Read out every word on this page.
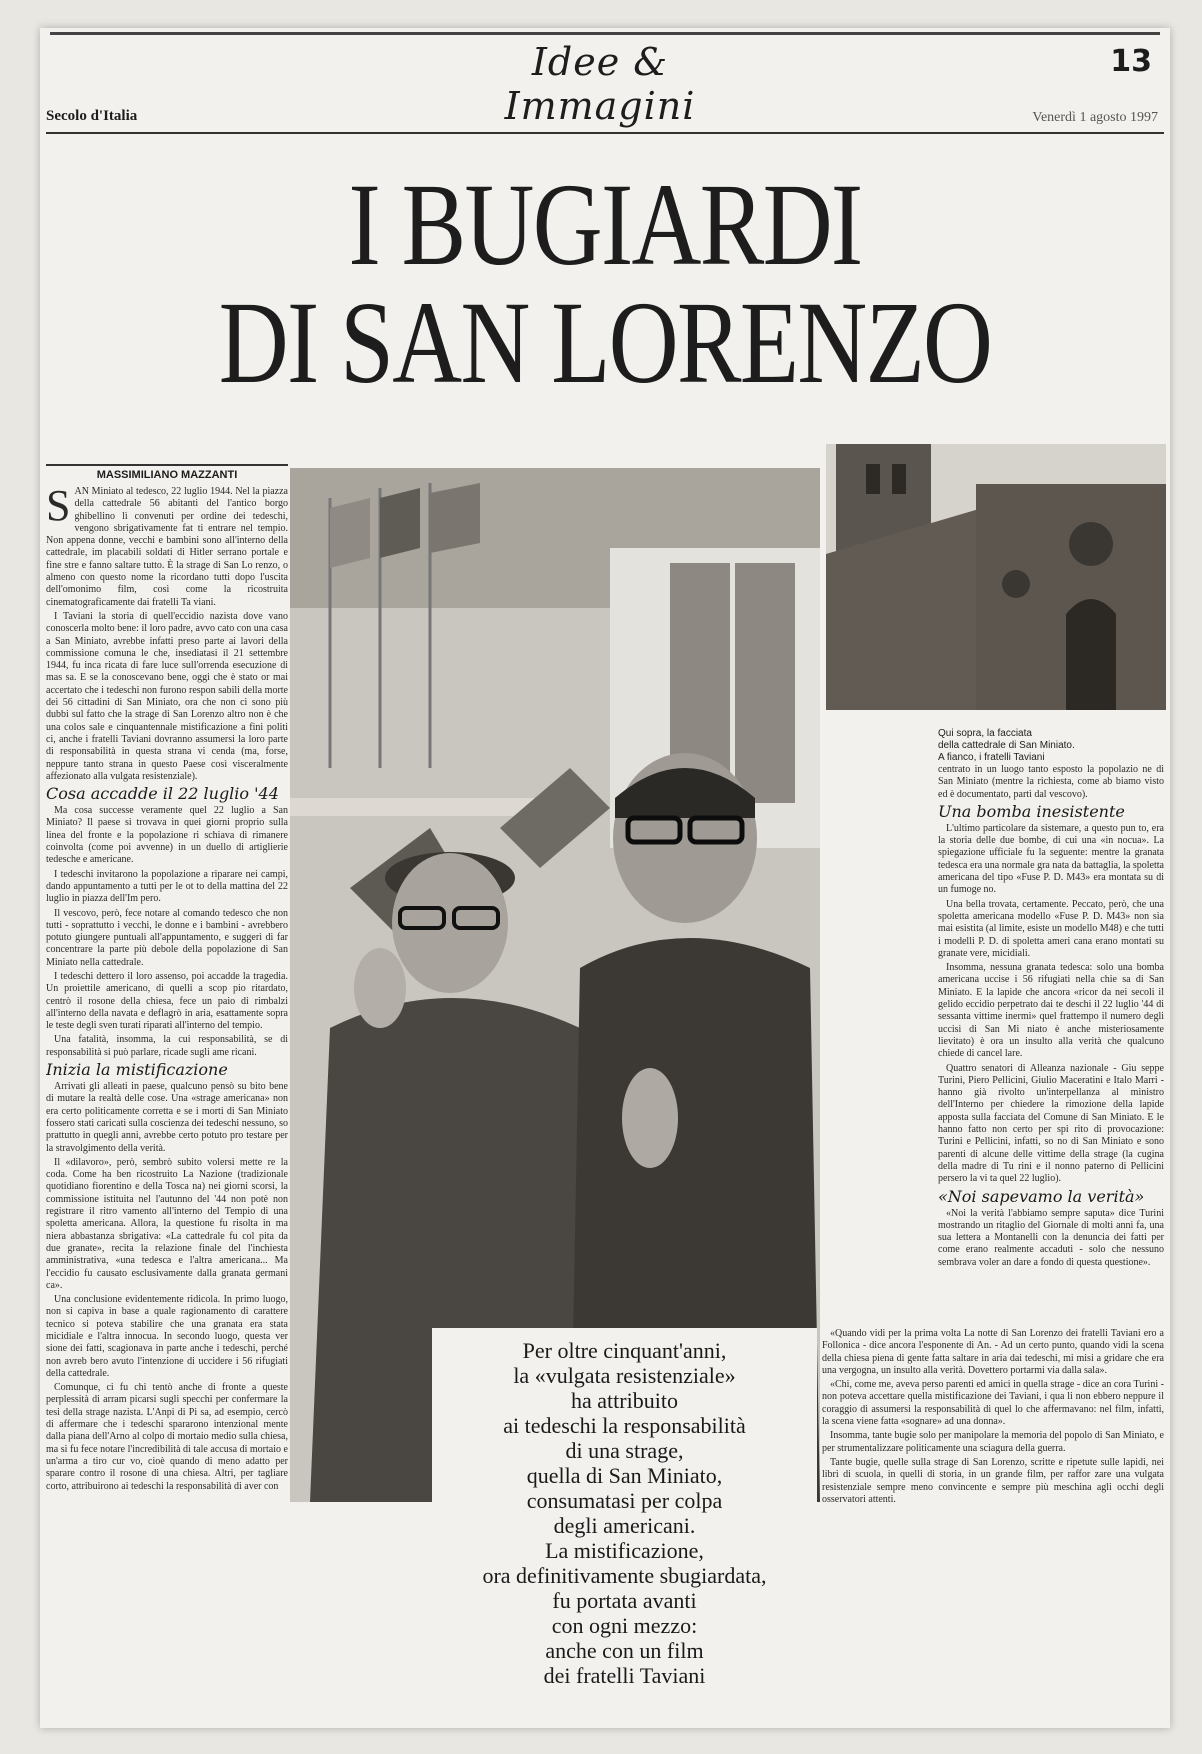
Idee & Immagini
13
Secolo d'Italia	Venerdì 1 agosto 1997
I BUGIARDI
DI SAN LORENZO
MASSIMILIANO MAZZANTI

SAN Miniato al tedesco, 22 luglio 1944. Nel la piazza della cattedrale 56 abitanti del l'antico borgo ghibellino lì convenuti per ordine dei tedeschi, vengono sbrigativamente fat ti entrare nel tempio. Non appena donne, vecchi e bambini sono all'interno della cattedrale, im placabili soldati di Hitler serrano portale e fine stre e fanno saltare tutto. È la strage di San Lo renzo, o almeno con questo nome la ricordano tutti dopo l'uscita dell'omonimo film, così come la ricostruita cinematograficamente dai fratelli Ta viani.

I Taviani la storia di quell'eccidio nazista dove vano conoscerla molto bene: il loro padre, avvo cato con una casa a San Miniato, avrebbe infatti preso parte ai lavori della commissione comuna le che, insediatasi il 21 settembre 1944, fu inca ricata di fare luce sull'orrenda esecuzione di mas sa. E se la conoscevano bene, oggi che è stato or mai accertato che i tedeschi non furono respon sabili della morte dei 56 cittadini di San Miniato, ora che non ci sono più dubbi sul fatto che la strage di San Lorenzo altro non è che una colos sale e cinquantennale mistificazione a fini politi ci, anche i fratelli Taviani dovranno assumersi la loro parte di responsabilità in questa strana vi cenda (ma, forse, neppure tanto strana in questo Paese così visceralmente affezionato alla vulgata resistenziale).

Cosa accadde il 22 luglio '44

Ma cosa successe veramente quel 22 luglio a San Miniato? Il paese si trovava in quei giorni proprio sulla linea del fronte e la popolazione ri schiava di rimanere coinvolta (come poi avvenne) in un duello di artiglierie tedesche e americane.

I tedeschi invitarono la popolazione a riparare nei campi, dando appuntamento a tutti per le ot to della mattina del 22 luglio in piazza dell'Im pero.

Il vescovo, però, fece notare al comando tedesco che non tutti - soprattutto i vecchi, le donne e i bambini - avrebbero potuto giungere puntuali all'appuntamento, e suggerì di far concentrare la parte più debole della popolazione di San Miniato nella cattedrale.

I tedeschi dettero il loro assenso, poi accadde la tragedia. Un proiettile americano, di quelli a scop pio ritardato, centrò il rosone della chiesa, fece un paio di rimbalzi all'interno della navata e deflagrò in aria, esattamente sopra le teste degli sven turati riparati all'interno del tempio.

Una fatalità, insomma, la cui responsabilità, se di responsabilità si può parlare, ricade sugli ame ricani.

Inizia la mistificazione

Arrivati gli alleati in paese, qualcuno pensò su bito bene di mutare la realtà delle cose. Una «strage americana» non era certo politicamente corretta e se i morti di San Miniato fossero stati caricati sulla coscienza dei tedeschi nessuno, so prattutto in quegli anni, avrebbe certo potuto pro testare per la stravolgimento della verità.

Il «dilavoro», però, sembrò subito volersi mette re la coda. Come ha ben ricostruito La Nazione (tradizionale quotidiano fiorentino e della Tosca na) nei giorni scorsi, la commissione istituita nel l'autunno del '44 non potè non registrare il ritro vamento all'interno del Tempio di una spoletta americana. Allora, la questione fu risolta in ma niera abbastanza sbrigativa: «La cattedrale fu col pita da due granate», recita la relazione finale del l'inchiesta amministrativa, «una tedesca e l'altra americana... Ma l'eccidio fu causato esclusivamente dalla granata germani ca».

Una conclusione evidentemente ridicola. In primo luogo, non si capiva in base a quale ragionamento di carattere tecnico si poteva stabilire che una granata era stata micidiale e l'altra innocua. In secondo luogo, questa ver sione dei fatti, scagionava in parte anche i tedeschi, perché non avreb bero avuto l'intenzione di uccidere i 56 rifugiati della cattedrale.

Comunque, ci fu chi tentò anche di fronte a queste perplessità di arram picarsi sugli specchi per confermare la tesi della strage nazista. L'Anpi di Pi sa, ad esempio, cercò di affermare che i tedeschi spararono intenzional mente dalla piana dell'Arno al colpo di mortaio medio sulla chiesa, ma si fu fece notare l'incredibilità di tale accusa di mortaio e un'arma a tiro cur vo, cioè quando di meno adatto per sparare contro il rosone di una chiesa. Altri, per tagliare corto, attribuirono ai tedeschi la responsabilità di aver con

Qui sopra, la facciata
della cattedrale di San Miniato.
A fianco, i fratelli Taviani

centrato in un luogo tanto esposto la popolazio ne di San Miniato (mentre la richiesta, come ab biamo visto ed è documentato, partì dal vescovo).

Una bomba inesistente

L'ultimo particolare da sistemare, a questo pun to, era la storia delle due bombe, di cui una «in nocua». La spiegazione ufficiale fu la seguente: mentre la granata tedesca era una normale gra nata da battaglia, la spoletta americana del tipo «Fuse P. D. M43» era montata su di un fumoge no.

Una bella trovata, certamente. Peccato, però, che una spoletta americana modello «Fuse P. D. M43» non sia mai esistita (al limite, esiste un modello M48) e che tutti i modelli P. D. di spoletta ameri cana erano montati su granate vere, micidiali.

Insomma, nessuna granata tedesca: solo una bomba americana uccise i 56 rifugiati nella chie sa di San Miniato. E la lapide che ancora «ricor da nei secoli il gelido eccidio perpetrato dai te deschi il 22 luglio '44 di sessanta vittime inermi» quel frattempo il numero degli uccisi di San Mi niato è anche misteriosamente lievitato) è ora un insulto alla verità che qualcuno chiede di cancel lare.

Quattro senatori di Alleanza nazionale - Giu seppe Turini, Piero Pellicini, Giulio Maceratini e Italo Marri - hanno già rivolto un'interpellanza al ministro dell'Interno per chiedere la rimozione della lapide apposta sulla facciata del Comune di San Miniato. E le hanno fatto non certo per spi rito di provocazione: Turini e Pellicini, infatti, so no di San Miniato e sono parenti di alcune delle vittime della strage (la cugina della madre di Tu rini e il nonno paterno di Pellicini persero la vi ta quel 22 luglio).

«Noi sapevamo la verità»

«Noi la verità l'abbiamo sempre saputa» dice Turini mostrando un ritaglio del Giornale di molti anni fa, una sua lettera a Montanelli con la denuncia dei fatti per come erano realmente accaduti - solo che nessuno sembrava voler an dare a fondo di questa questione».

«Quando vidi per la prima volta La notte di San Lorenzo dei fratelli Taviani ero a Follonica - dice ancora l'esponente di An. - Ad un certo punto, quando vidi la scena della chiesa piena di gente fatta saltare in aria dai tedeschi, mi misi a gridare che era una vergogna, un insulto alla verità. Dovettero portarmi via dalla sala».

«Chi, come me, aveva perso parenti ed amici in quella strage - dice an cora Turini - non poteva accettare quella mistificazione dei Taviani, i qua li non ebbero neppure il coraggio di assumersi la responsabilità di quel lo che affermavano: nel film, infatti, la scena viene fatta «sognare» ad una donna».

Insomma, tante bugie solo per manipolare la memoria del popolo di San Miniato, e per strumentalizzare politicamente una sciagura della guerra.

Tante bugie, quelle sulla strage di San Lorenzo, scritte e ripetute sulle lapidi, nei libri di scuola, in quelli di storia, in un grande film, per raffor zare una vulgata resistenziale sempre meno convincente e sempre più meschina agli occhi degli osservatori attenti.

Per oltre cinquant'anni,
la «vulgata resistenziale»
ha attribuito
ai tedeschi la responsabilità
di una strage,
quella di San Miniato,
consumatasi per colpa
degli americani.
La mistificazione,
ora definitivamente sbugiardata,
fu portata avanti
con ogni mezzo:
anche con un film
dei fratelli Taviani
